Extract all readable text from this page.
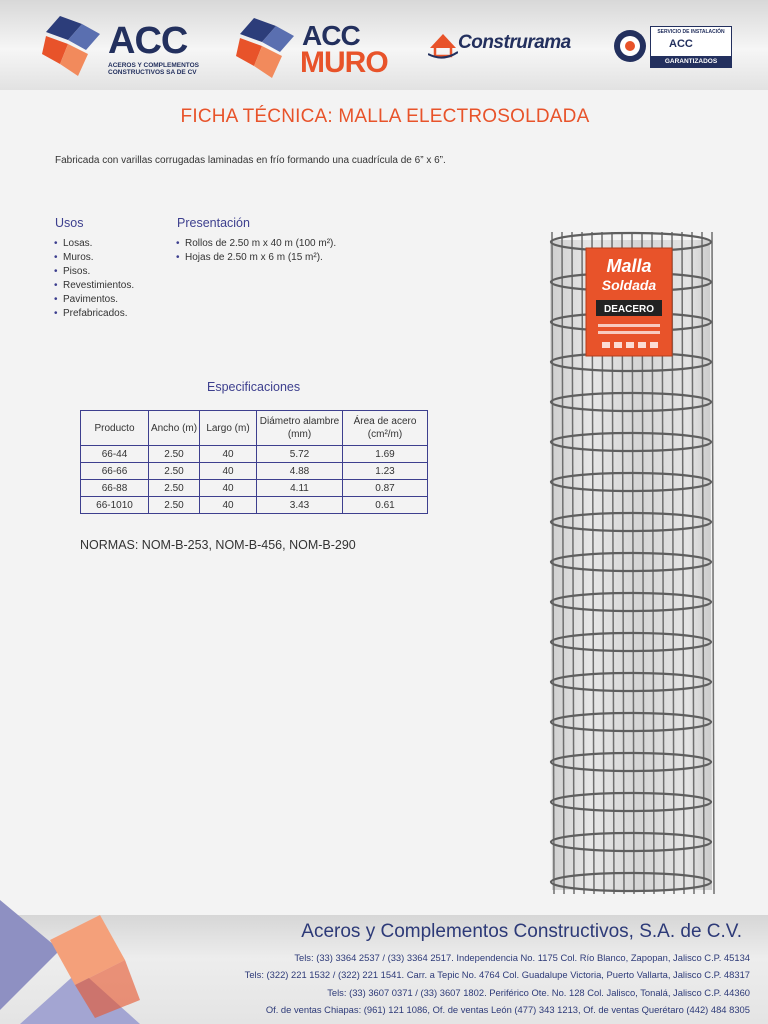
ACC
ACEROS Y COMPLEMENTOS
CONSTRUCTIVOS SA DE CV
ACC
MURO
Construrama	SERVICIO DE INSTALACIÓN
ACC
GARANTIZADOS
FICHA TÉCNICA: MALLA ELECTROSOLDADA
Fabricada con varillas corrugadas laminadas en frío formando una cuadrícula de 6” x 6”.
Usos
• Losas.
• Muros.
• Pisos.
• Revestimientos.
• Pavimentos.
• Prefabricados.
Presentación
• Rollos de 2.50 m x 40 m (100 m²).
• Hojas de 2.50 m x 6 m (15 m²).
Especificaciones
Producto	Ancho (m)	Largo (m)	Diámetro alambre (mm)	Área de acero (cm²/m)
66-44	2.50	40	5.72	1.69
66-66	2.50	40	4.88	1.23
66-88	2.50	40	4.11	0.87
66-1010	2.50	40	3.43	0.61
NORMAS: NOM-B-253, NOM-B-456, NOM-B-290
Malla
Soldada
DEACERO
Aceros y Complementos Constructivos, S.A. de C.V.
Tels: (33) 3364 2537 / (33) 3364 2517. Independencia No. 1175 Col. Río Blanco, Zapopan, Jalisco C.P. 45134
Tels: (322) 221 1532 / (322) 221 1541. Carr. a Tepic No. 4764 Col. Guadalupe Victoria, Puerto Vallarta, Jalisco C.P. 48317
Tels: (33) 3607 0371 / (33) 3607 1802. Periférico Ote. No. 128 Col. Jalisco, Tonalá, Jalisco C.P. 44360
Of. de ventas Chiapas: (961) 121 1086, Of. de ventas León (477) 343 1213, Of. de ventas Querétaro (442) 484 8305
